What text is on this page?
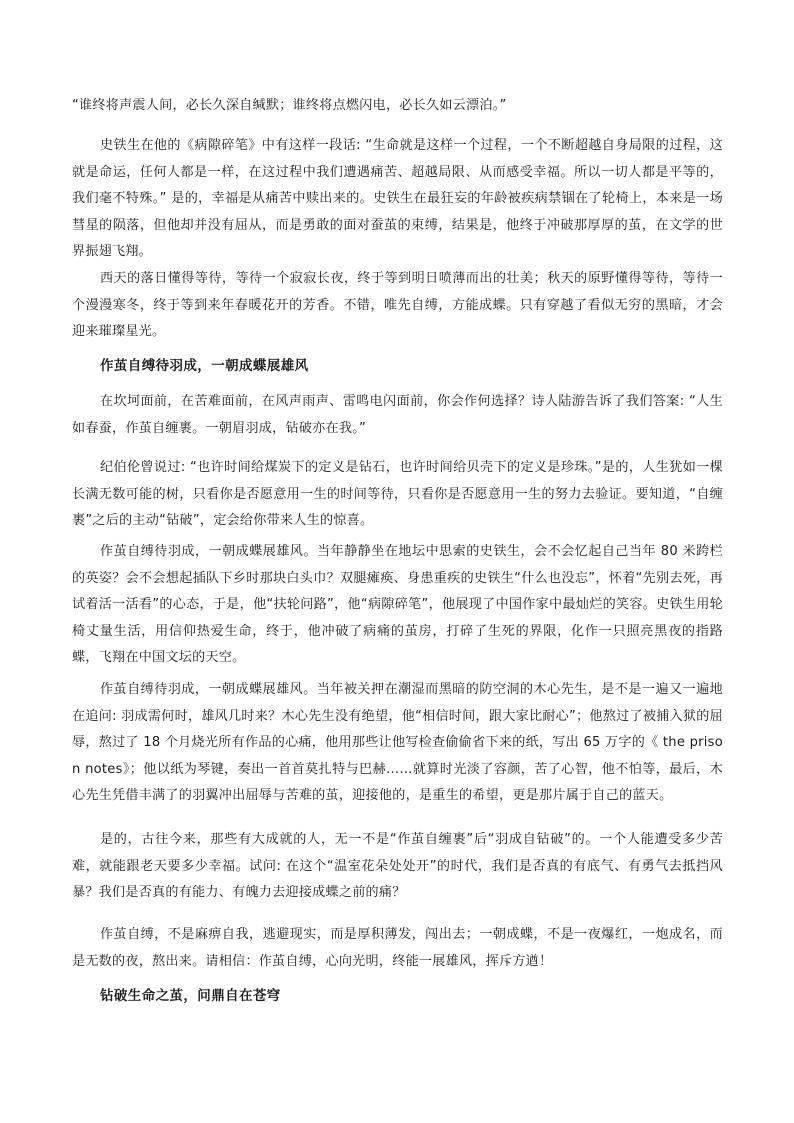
“谁终将声震人间，必长久深自缄默；谁终将点燃闪电，必长久如云漂泊。”

史铁生在他的《病隙碎笔》中有这样一段话: “生命就是这样一个过程，一个不断超越自身局限的过程，这就是命运，任何人都是一样，在这过程中我们遭遇痛苦、超越局限、从而感受幸福。所以一切人都是平等的，我们毫不特殊。” 是的，幸福是从痛苦中赎出来的。史铁生在最狂妄的年龄被疾病禁锢在了轮椅上，本来是一场彗星的陨落，但他却并没有屈从，而是勇敢的面对蚕茧的束缚，结果是，他终于冲破那厚厚的茧，在文学的世界振翅飞翔。

西天的落日懂得等待，等待一个寂寂长夜，终于等到明日喷薄而出的壮美；秋天的原野懂得等待，等待一个漫漫寒冬，终于等到来年春暖花开的芳香。不错，唯先自缚，方能成蝶。只有穿越了看似无穷的黑暗，才会迎来璀璨星光。

作茧自缚待羽成，一朝成蝶展雄风

在坎坷面前，在苦难面前，在风声雨声、雷鸣电闪面前，你会作何选择？诗人陆游告诉了我们答案: “人生如春蚕，作茧自缠裹。一朝眉羽成，钻破亦在我。”

纪伯伦曾说过: “也许时间给煤炭下的定义是钻石，也许时间给贝壳下的定义是珍珠。”是的，人生犹如一棵长满无数可能的树，只看你是否愿意用一生的时间等待，只看你是否愿意用一生的努力去验证。要知道，“自缠裹”之后的主动“钻破”，定会给你带来人生的惊喜。

作茧自缚待羽成，一朝成蝶展雄风。当年静静坐在地坛中思索的史铁生，会不会忆起自己当年 80 米跨栏的英姿？会不会想起插队下乡时那块白头巾？双腿瘫痪、身患重疾的史铁生“什么也没忘”，怀着“先别去死，再试着活一活看”的心态，于是，他“扶轮问路”，他“病隙碎笔”，他展现了中国作家中最灿烂的笑容。史铁生用轮椅丈量生活，用信仰热爱生命，终于，他冲破了病痛的茧房，打碎了生死的界限，化作一只照亮黑夜的指路蝶，飞翔在中国文坛的天空。

作茧自缚待羽成，一朝成蝶展雄风。当年被关押在潮湿而黑暗的防空洞的木心先生，是不是一遍又一遍地在追问: 羽成需何时，雄风几时来？木心先生没有绝望，他“相信时间，跟大家比耐心”；他熬过了被捕入狱的屈辱，熬过了 18 个月烧光所有作品的心痛，他用那些让他写检查偷偷省下来的纸，写出 65 万字的《 the prison notes》；他以纸为琴键，奏出一首首莫扎特与巴赫……就算时光淡了容颜，苦了心智，他不怕等，最后，木心先生凭借丰满了的羽翼冲出屈辱与苦难的茧，迎接他的，是重生的希望，更是那片属于自己的蓝天。

是的，古往今来，那些有大成就的人，无一不是“作茧自缠裹”后“羽成自钻破”的。一个人能遭受多少苦难，就能跟老天要多少幸福。试问: 在这个“温室花朵处处开”的时代，我们是否真的有底气、有勇气去抵挡风暴？我们是否真的有能力、有魄力去迎接成蝶之前的痛？

作茧自缚，不是麻痹自我，逃避现实，而是厚积薄发，闯出去；一朝成蝶，不是一夜爆红，一炮成名，而是无数的夜，熬出来。请相信：作茧自缚，心向光明，终能一展雄风，挥斥方遒！

钻破生命之茧，问鼎自在苍穹
